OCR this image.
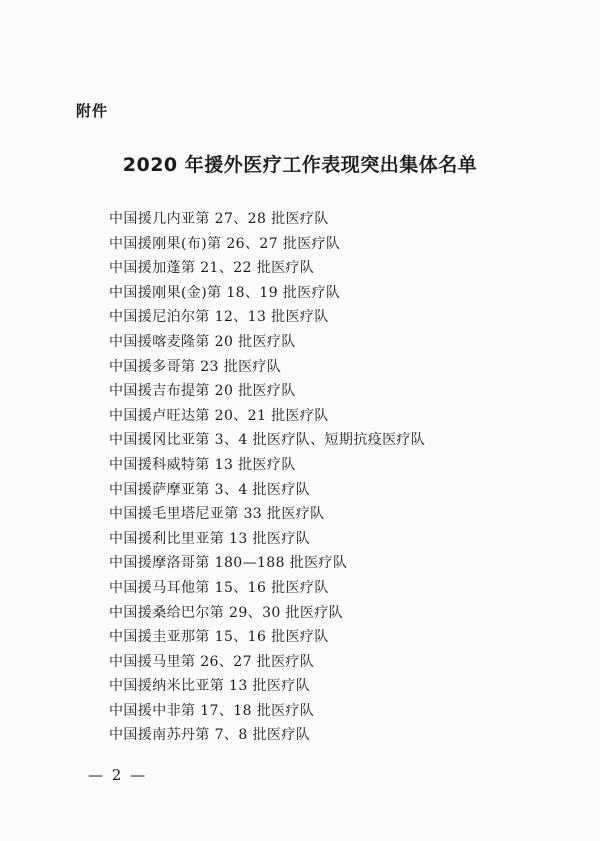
附件
2020 年援外医疗工作表现突出集体名单
中国援几内亚第 27、28 批医疗队
中国援刚果(布)第 26、27 批医疗队
中国援加蓬第 21、22 批医疗队
中国援刚果(金)第 18、19 批医疗队
中国援尼泊尔第 12、13 批医疗队
中国援喀麦隆第 20 批医疗队
中国援多哥第 23 批医疗队
中国援吉布提第 20 批医疗队
中国援卢旺达第 20、21 批医疗队
中国援冈比亚第 3、4 批医疗队、短期抗疫医疗队
中国援科威特第 13 批医疗队
中国援萨摩亚第 3、4 批医疗队
中国援毛里塔尼亚第 33 批医疗队
中国援利比里亚第 13 批医疗队
中国援摩洛哥第 180—188 批医疗队
中国援马耳他第 15、16 批医疗队
中国援桑给巴尔第 29、30 批医疗队
中国援圭亚那第 15、16 批医疗队
中国援马里第 26、27 批医疗队
中国援纳米比亚第 13 批医疗队
中国援中非第 17、18 批医疗队
中国援南苏丹第 7、8 批医疗队
— 2 —
